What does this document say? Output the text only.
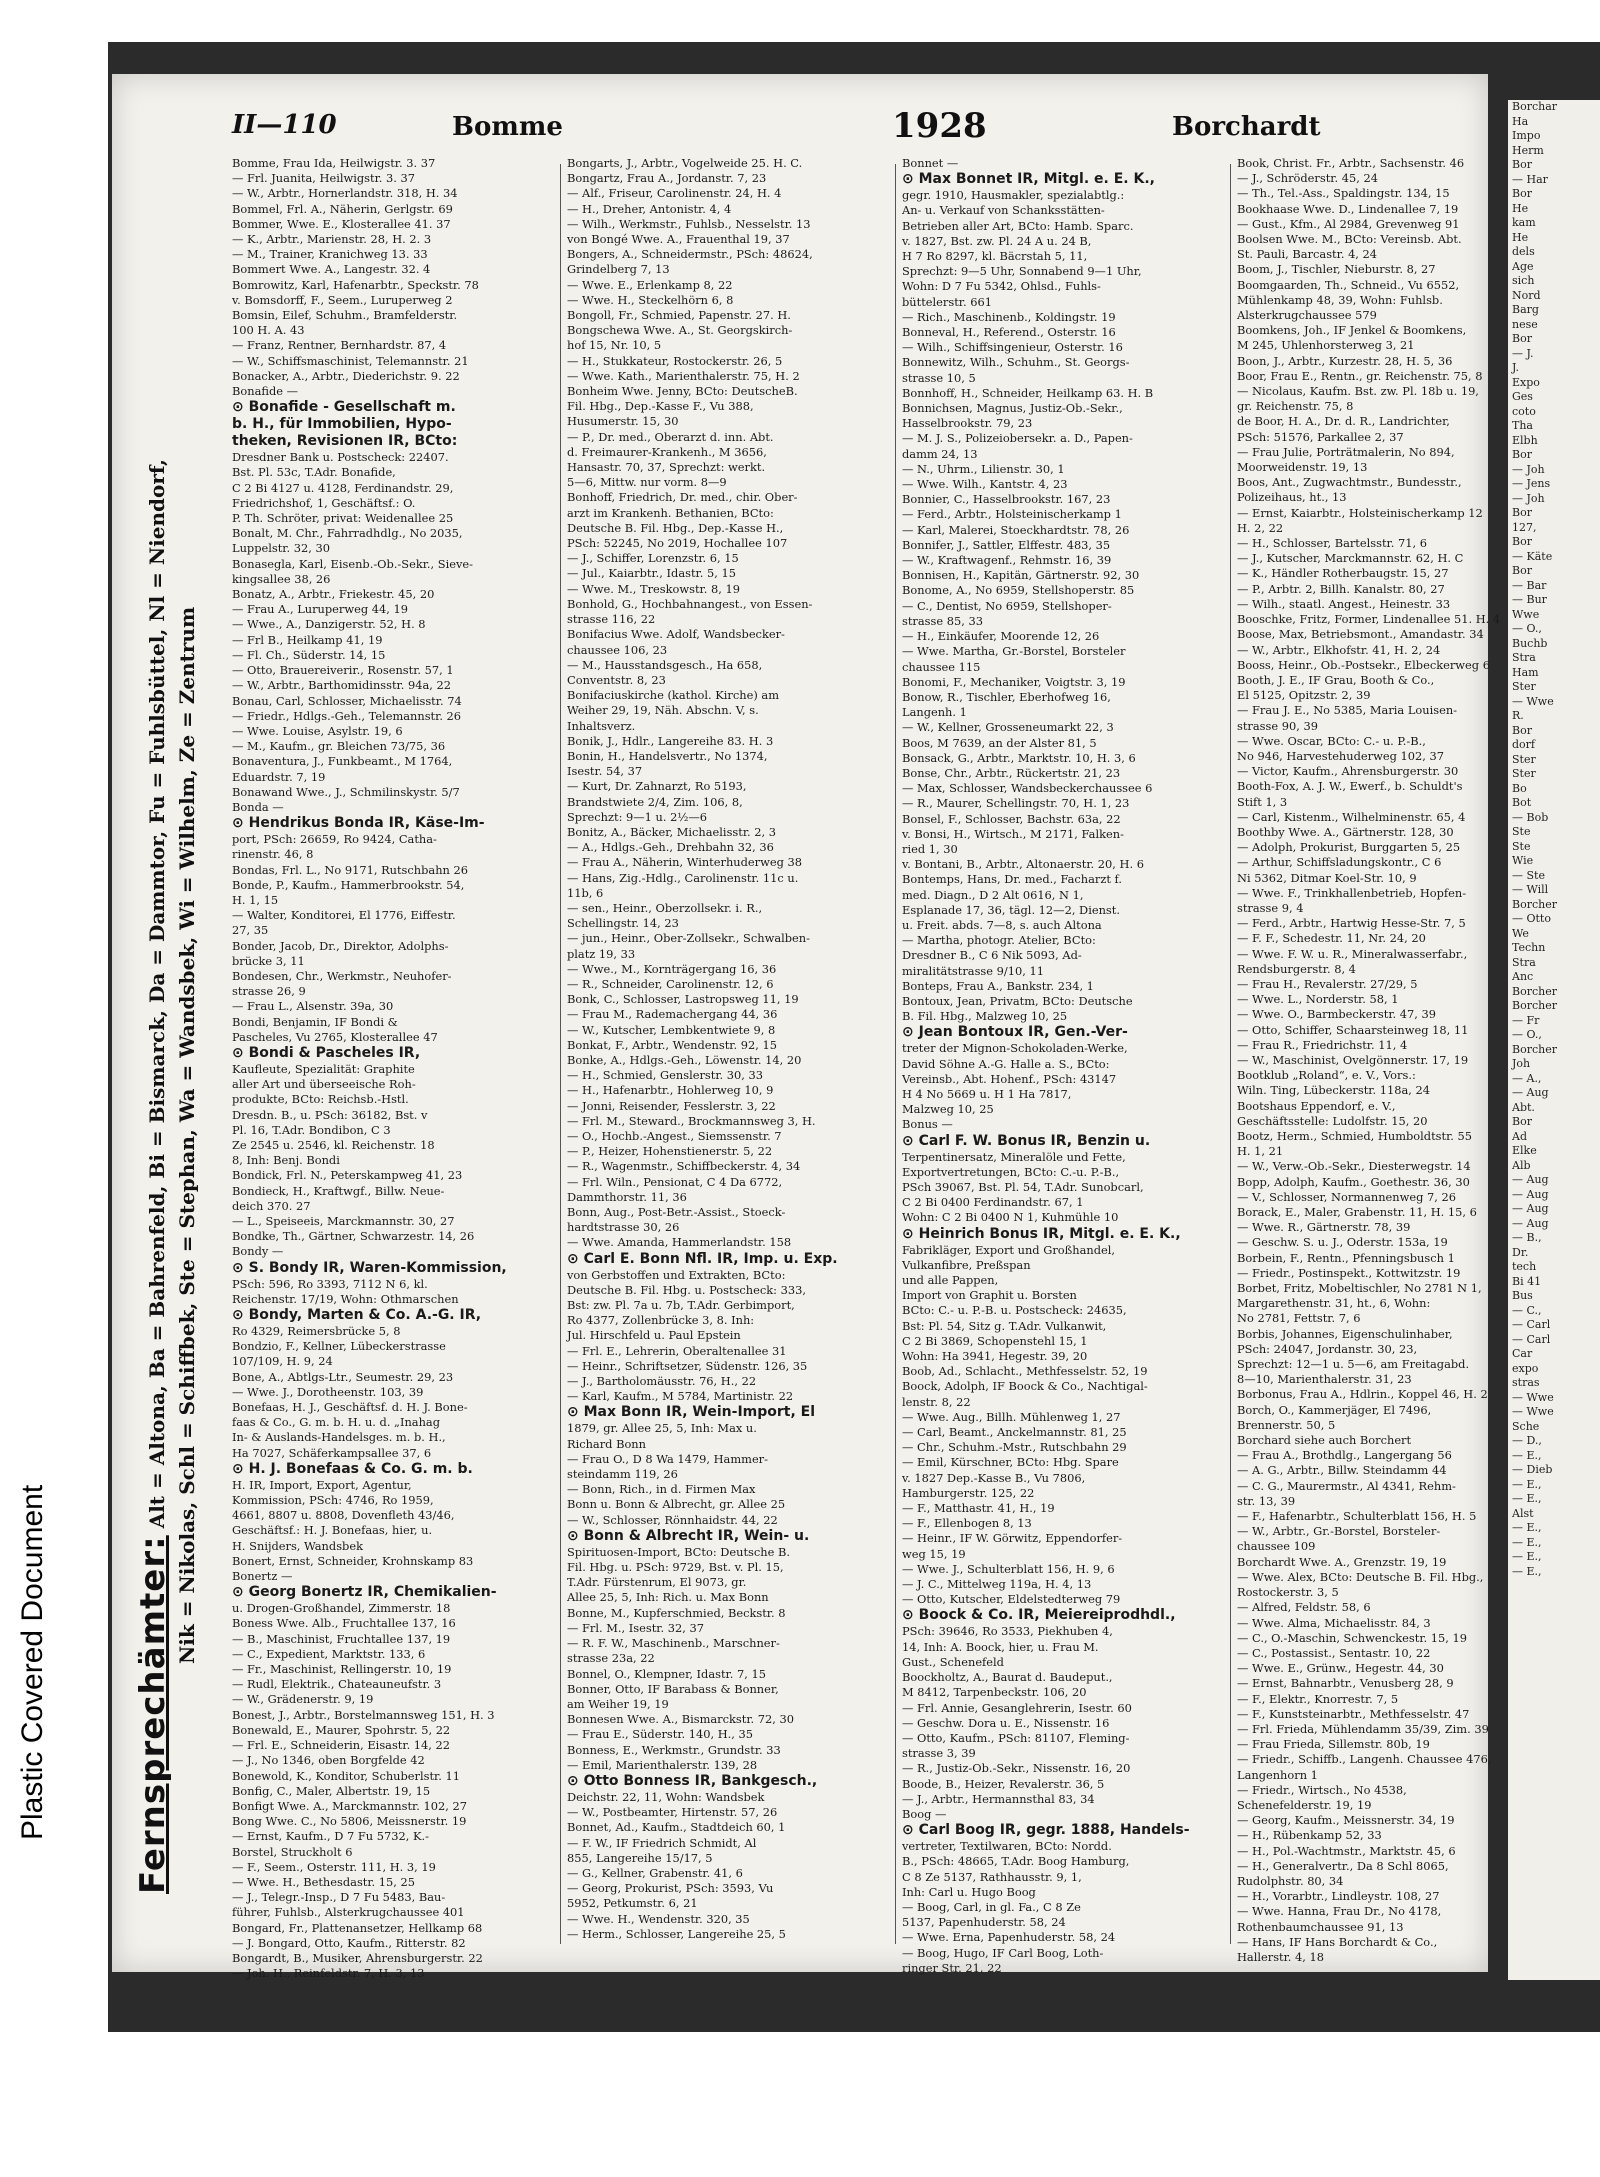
II—110	Bomme	1928	Borchardt
Fernsprechämter: Alt = Altona, Ba = Bahrenfeld, Bi = Bismarck, Da = Dammtor, Fu = Fuhlsbüttel, Nl = Niendorf, Nik = Nikolas, Schl = Schiffbek, Ste = Stephan, Wa = Wandsbek, Wi = Wilhelm, Ze = Zentrum
Bomme, Frau Ida, Heilwigstr. 3. 37
— Frl. Juanita, Heilwigstr. 3. 37
— W., Arbtr., Hornerlandstr. 318, H. 34
Bommel, Frl. A., Näherin, Gerlgstr. 69
Bommer, Wwe. E., Klosterallee 41. 37
— K., Arbtr., Marienstr. 28, H. 2. 3
— M., Trainer, Kranichweg 13. 33
Bommert Wwe. A., Langestr. 32. 4
Bomrowitz, Karl, Hafenarbtr., Speckstr. 78
v. Bomsdorff, F., Seem., Luruperweg 2
Bomsin, Eilef, Schuhm., Bramfelderstr.
100 H. A. 43
— Franz, Rentner, Bernhardstr. 87, 4
— W., Schiffsmaschinist, Telemannstr. 21
Bonacker, A., Arbtr., Diederichstr. 9. 22
Bonafide —
⊙ Bonafide - Gesellschaft m.
b. H., für Immobilien, Hypo-
theken, Revisionen IR, BCto:
Dresdner Bank u. Postscheck: 22407.
Bst. Pl. 53c, T.Adr. Bonafide,
C 2 Bi 4127 u. 4128, Ferdinandstr. 29,
Friedrichshof, 1, Geschäftsf.: O.
P. Th. Schröter, privat: Weidenallee 25
Bonalt, M. Chr., Fahrradhdlg., No 2035,
Luppelstr. 32, 30
Bonasegla, Karl, Eisenb.-Ob.-Sekr., Sieve-
kingsallee 38, 26
Bonatz, A., Arbtr., Friekestr. 45, 20
— Frau A., Luruperweg 44, 19
— Wwe., A., Danzigerstr. 52, H. 8
— Frl B., Heilkamp 41, 19
— Fl. Ch., Süderstr. 14, 15
— Otto, Brauereiverir., Rosenstr. 57, 1
— W., Arbtr., Barthomidinsstr. 94a, 22
Bonau, Carl, Schlosser, Michaelisstr. 74
— Friedr., Hdlgs.-Geh., Telemannstr. 26
— Wwe. Louise, Asylstr. 19, 6
— M., Kaufm., gr. Bleichen 73/75, 36
Bonaventura, J., Funkbeamt., M 1764,
Eduardstr. 7, 19
Bonawand Wwe., J., Schmilinskystr. 5/7
Bonda —
⊙ Hendrikus Bonda IR, Käse-Im-
port, PSch: 26659, Ro 9424, Catha-
rinenstr. 46, 8
Bondas, Frl. L., No 9171, Rutschbahn 26
Bonde, P., Kaufm., Hammerbrookstr. 54,
H. 1, 15
— Walter, Konditorei, El 1776, Eiffestr.
27, 35
Bonder, Jacob, Dr., Direktor, Adolphs-
brücke 3, 11
Bondesen, Chr., Werkmstr., Neuhofer-
strasse 26, 9
— Frau L., Alsenstr. 39a, 30
Bondi, Benjamin, IF Bondi &
Pascheles, Vu 2765, Klosterallee 47
⊙ Bondi & Pascheles IR,
Kaufleute, Spezialität: Graphite
aller Art und überseeische Roh-
produkte, BCto: Reichsb.-Hstl.
Dresdn. B., u. PSch: 36182, Bst. v
Pl. 16, T.Adr. Bondibon, C 3
Ze 2545 u. 2546, kl. Reichenstr. 18
8, Inh: Benj. Bondi
Bondick, Frl. N., Peterskampweg 41, 23
Bondieck, H., Kraftwgf., Billw. Neue-
deich 370. 27
— L., Speiseeis, Marckmannstr. 30, 27
Bondke, Th., Gärtner, Schwarzestr. 14, 26
Bondy —
⊙ S. Bondy IR, Waren-Kommission,
PSch: 596, Ro 3393, 7112 N 6, kl.
Reichenstr. 17/19, Wohn: Othmarschen
⊙ Bondy, Marten & Co. A.-G. IR,
Ro 4329, Reimersbrücke 5, 8
Bondzio, F., Kellner, Lübeckerstrasse
107/109, H. 9, 24
Bone, A., Abtlgs-Ltr., Seumestr. 29, 23
— Wwe. J., Dorotheenstr. 103, 39
Bonefaas, H. J., Geschäftsf. d. H. J. Bone-
faas & Co., G. m. b. H. u. d. „Inahag
In- & Auslands-Handelsges. m. b. H.,
Ha 7027, Schäferkampsallee 37, 6
⊙ H. J. Bonefaas & Co. G. m. b.
H. IR, Import, Export, Agentur,
Kommission, PSch: 4746, Ro 1959,
4661, 8807 u. 8808, Dovenfleth 43/46,
Geschäftsf.: H. J. Bonefaas, hier, u.
H. Snijders, Wandsbek
Bonert, Ernst, Schneider, Krohnskamp 83
Bonertz —
⊙ Georg Bonertz IR, Chemikalien-
u. Drogen-Großhandel, Zimmerstr. 18
Boness Wwe. Alb., Fruchtallee 137, 16
— B., Maschinist, Fruchtallee 137, 19
— C., Expedient, Marktstr. 133, 6
— Fr., Maschinist, Rellingerstr. 10, 19
— Rudl, Elektrik., Chateauneufstr. 3
— W., Grädenerstr. 9, 19
Bonest, J., Arbtr., Borstelmannsweg 151, H. 3
Bonewald, E., Maurer, Spohrstr. 5, 22
— Frl. E., Schneiderin, Eisastr. 14, 22
— J., No 1346, oben Borgfelde 42
Bonewold, K., Konditor, Schuberlstr. 11
Bonfig, C., Maler, Albertstr. 19, 15
Bonfigt Wwe. A., Marckmannstr. 102, 27
Bong Wwe. C., No 5806, Meissnerstr. 19
— Ernst, Kaufm., D 7 Fu 5732, K.-
Borstel, Struckholt 6
— F., Seem., Osterstr. 111, H. 3, 19
— Wwe. H., Bethesdastr. 15, 25
— J., Telegr.-Insp., D 7 Fu 5483, Bau-
führer, Fuhlsb., Alsterkrugchaussee 401
Bongard, Fr., Plattenansetzer, Hellkamp 68
— J. Bongard, Otto, Kaufm., Ritterstr. 82
Bongardt, B., Musiker, Ahrensburgerstr. 22
— Joh. H., Reinfeldstr. 7, H. 3, 13
Bongarts, J., Arbtr., Vogelweide 25. H. C.
Bongartz, Frau A., Jordanstr. 7, 23
— Alf., Friseur, Carolinenstr. 24, H. 4
— H., Dreher, Antonistr. 4, 4
— Wilh., Werkmstr., Fuhlsb., Nesselstr. 13
von Bongé Wwe. A., Frauenthal 19, 37
Bongers, A., Schneidermstr., PSch: 48624,
Grindelberg 7, 13
— Wwe. E., Erlenkamp 8, 22
— Wwe. H., Steckelhörn 6, 8
Bongoll, Fr., Schmied, Papenstr. 27. H.
Bongschewa Wwe. A., St. Georgskirch-
hof 15, Nr. 10, 5
— H., Stukkateur, Rostockerstr. 26, 5
— Wwe. Kath., Marienthalerstr. 75, H. 2
Bonheim Wwe. Jenny, BCto: DeutscheB.
Fil. Hbg., Dep.-Kasse F., Vu 388,
Husumerstr. 15, 30
— P., Dr. med., Oberarzt d. inn. Abt.
d. Freimaurer-Krankenh., M 3656,
Hansastr. 70, 37, Sprechzt: werkt.
5—6, Mittw. nur vorm. 8—9
Bonhoff, Friedrich, Dr. med., chir. Ober-
arzt im Krankenh. Bethanien, BCto:
Deutsche B. Fil. Hbg., Dep.-Kasse H.,
PSch: 52245, No 2019, Hochallee 107
— J., Schiffer, Lorenzstr. 6, 15
— Jul., Kaiarbtr., Idastr. 5, 15
— Wwe. M., Treskowstr. 8, 19
Bonhold, G., Hochbahnangest., von Essen-
strasse 116, 22
Bonifacius Wwe. Adolf, Wandsbecker-
chaussee 106, 23
— M., Hausstandsgesch., Ha 658,
Conventstr. 8, 23
Bonifaciuskirche (kathol. Kirche) am
Weiher 29, 19, Näh. Abschn. V, s.
Inhaltsverz.
Bonik, J., Hdlr., Langereihe 83. H. 3
Bonin, H., Handelsvertr., No 1374,
Isestr. 54, 37
— Kurt, Dr. Zahnarzt, Ro 5193,
Brandstwiete 2/4, Zim. 106, 8,
Sprechzt: 9—1 u. 2½—6
Bonitz, A., Bäcker, Michaelisstr. 2, 3
— A., Hdlgs.-Geh., Drehbahn 32, 36
— Frau A., Näherin, Winterhuderweg 38
— Hans, Zig.-Hdlg., Carolinenstr. 11c u.
11b, 6
— sen., Heinr., Oberzollsekr. i. R.,
Schellingstr. 14, 23
— jun., Heinr., Ober-Zollsekr., Schwalben-
platz 19, 33
— Wwe., M., Kornträgergang 16, 36
— R., Schneider, Carolinenstr. 12, 6
Bonk, C., Schlosser, Lastropsweg 11, 19
— Frau M., Rademachergang 44, 36
— W., Kutscher, Lembkentwiete 9, 8
Bonkat, F., Arbtr., Wendenstr. 92, 15
Bonke, A., Hdlgs.-Geh., Löwenstr. 14, 20
— H., Schmied, Genslerstr. 30, 33
— H., Hafenarbtr., Hohlerweg 10, 9
— Jonni, Reisender, Fesslerstr. 3, 22
— Frl. M., Steward., Brockmannsweg 3, H.
— O., Hochb.-Angest., Siemssenstr. 7
— P., Heizer, Hohenstienerstr. 5, 22
— R., Wagenmstr., Schiffbeckerstr. 4, 34
— Frl. Wiln., Pensionat, C 4 Da 6772,
Dammthorstr. 11, 36
Bonn, Aug., Post-Betr.-Assist., Stoeck-
hardtstrasse 30, 26
— Wwe. Amanda, Hammerlandstr. 158
⊙ Carl E. Bonn Nfl. IR, Imp. u. Exp.
von Gerbstoffen und Extrakten, BCto:
Deutsche B. Fil. Hbg. u. Postscheck: 333,
Bst: zw. Pl. 7a u. 7b, T.Adr. Gerbimport,
Ro 4377, Zollenbrücke 3, 8. Inh:
Jul. Hirschfeld u. Paul Epstein
— Frl. E., Lehrerin, Oberaltenallee 31
— Heinr., Schriftsetzer, Südenstr. 126, 35
— J., Bartholomäusstr. 76, H., 22
— Karl, Kaufm., M 5784, Martinistr. 22
⊙ Max Bonn IR, Wein-Import, El
1879, gr. Allee 25, 5, Inh: Max u.
Richard Bonn
— Frau O., D 8 Wa 1479, Hammer-
steindamm 119, 26
— Bonn, Rich., in d. Firmen Max
Bonn u. Bonn & Albrecht, gr. Allee 25
— W., Schlosser, Rönnhaidstr. 44, 22
⊙ Bonn & Albrecht IR, Wein- u.
Spirituosen-Import, BCto: Deutsche B.
Fil. Hbg. u. PSch: 9729, Bst. v. Pl. 15,
T.Adr. Fürstenrum, El 9073, gr.
Allee 25, 5, Inh: Rich. u. Max Bonn
Bonne, M., Kupferschmied, Beckstr. 8
— Frl. M., Isestr. 32, 37
— R. F. W., Maschinenb., Marschner-
strasse 23a, 22
Bonnel, O., Klempner, Idastr. 7, 15
Bonner, Otto, IF Barabass & Bonner,
am Weiher 19, 19
Bonnesen Wwe. A., Bismarckstr. 72, 30
— Frau E., Süderstr. 140, H., 35
Bonness, E., Werkmstr., Grundstr. 33
— Emil, Marienthalerstr. 139, 28
⊙ Otto Bonness IR, Bankgesch.,
Deichstr. 22, 11, Wohn: Wandsbek
— W., Postbeamter, Hirtenstr. 57, 26
Bonnet, Ad., Kaufm., Stadtdeich 60, 1
— F. W., IF Friedrich Schmidt, Al
855, Langereihe 15/17, 5
— G., Kellner, Grabenstr. 41, 6
— Georg, Prokurist, PSch: 3593, Vu
5952, Petkumstr. 6, 21
— Wwe. H., Wendenstr. 320, 35
— Herm., Schlosser, Langereihe 25, 5
Bonnet —
⊙ Max Bonnet IR, Mitgl. e. E. K.,
gegr. 1910, Hausmakler, spezialabtlg.:
An- u. Verkauf von Schanksstätten-
Betrieben aller Art, BCto: Hamb. Sparc.
v. 1827, Bst. zw. Pl. 24 A u. 24 B,
H 7 Ro 8297, kl. Bäcrstah 5, 11,
Sprechzt: 9—5 Uhr, Sonnabend 9—1 Uhr,
Wohn: D 7 Fu 5342, Ohlsd., Fuhls-
büttelerstr. 661
— Rich., Maschinenb., Koldingstr. 19
Bonneval, H., Referend., Osterstr. 16
— Wilh., Schiffsingenieur, Osterstr. 16
Bonnewitz, Wilh., Schuhm., St. Georgs-
strasse 10, 5
Bonnhoff, H., Schneider, Heilkamp 63. H. B
Bonnichsen, Magnus, Justiz-Ob.-Sekr.,
Hasselbrookstr. 79, 23
— M. J. S., Polizeiobersekr. a. D., Papen-
damm 24, 13
— N., Uhrm., Lilienstr. 30, 1
— Wwe. Wilh., Kantstr. 4, 23
Bonnier, C., Hasselbrookstr. 167, 23
— Ferd., Arbtr., Holsteinischerkamp 1
— Karl, Malerei, Stoeckhardtstr. 78, 26
Bonnifer, J., Sattler, Elffestr. 483, 35
— W., Kraftwagenf., Rehmstr. 16, 39
Bonnisen, H., Kapitän, Gärtnerstr. 92, 30
Bonome, A., No 6959, Stellshoperstr. 85
— C., Dentist, No 6959, Stellshoper-
strasse 85, 33
— H., Einkäufer, Moorende 12, 26
— Wwe. Martha, Gr.-Borstel, Borsteler
chaussee 115
Bonomi, F., Mechaniker, Voigtstr. 3, 19
Bonow, R., Tischler, Eberhofweg 16,
Langenh. 1
— W., Kellner, Grosseneumarkt 22, 3
Boos, M 7639, an der Alster 81, 5
Bonsack, G., Arbtr., Marktstr. 10, H. 3, 6
Bonse, Chr., Arbtr., Rückertstr. 21, 23
— Max, Schlosser, Wandsbeckerchaussee 6
— R., Maurer, Schellingstr. 70, H. 1, 23
Bonsel, F., Schlosser, Bachstr. 63a, 22
v. Bonsi, H., Wirtsch., M 2171, Falken-
ried 1, 30
v. Bontani, B., Arbtr., Altonaerstr. 20, H. 6
Bontemps, Hans, Dr. med., Facharzt f.
med. Diagn., D 2 Alt 0616, N 1,
Esplanade 17, 36, tägl. 12—2, Dienst.
u. Freit. abds. 7—8, s. auch Altona
— Martha, photogr. Atelier, BCto:
Dresdner B., C 6 Nik 5093, Ad-
miralitätstrasse 9/10, 11
Bonteps, Frau A., Bankstr. 234, 1
Bontoux, Jean, Privatm, BCto: Deutsche
B. Fil. Hbg., Malzweg 10, 25
⊙ Jean Bontoux IR, Gen.-Ver-
treter der Mignon-Schokoladen-Werke,
David Söhne A.-G. Halle a. S., BCto:
Vereinsb., Abt. Hohenf., PSch: 43147
H 4 No 5669 u. H 1 Ha 7817,
Malzweg 10, 25
Bonus —
⊙ Carl F. W. Bonus IR, Benzin u.
Terpentinersatz, Mineralöle und Fette,
Exportvertretungen, BCto: C.-u. P.-B.,
PSch 39067, Bst. Pl. 54, T.Adr. Sunobcarl,
C 2 Bi 0400 Ferdinandstr. 67, 1
Wohn: C 2 Bi 0400 N 1, Kuhmühle 10
⊙ Heinrich Bonus IR, Mitgl. e. E. K.,
Fabrikläger, Export und Großhandel,
Vulkanfibre, Preßspan
und alle Pappen,
Import von Graphit u. Borsten
BCto: C.- u. P.-B. u. Postscheck: 24635,
Bst: Pl. 54, Sitz g. T.Adr. Vulkanwit,
C 2 Bi 3869, Schopenstehl 15, 1
Wohn: Ha 3941, Hegestr. 39, 20
Boob, Ad., Schlacht., Methfesselstr. 52, 19
Boock, Adolph, IF Boock & Co., Nachtigal-
lenstr. 8, 22
— Wwe. Aug., Billh. Mühlenweg 1, 27
— Carl, Beamt., Anckelmannstr. 81, 25
— Chr., Schuhm.-Mstr., Rutschbahn 29
— Emil, Kürschner, BCto: Hbg. Spare
v. 1827 Dep.-Kasse B., Vu 7806,
Hamburgerstr. 125, 22
— F., Matthastr. 41, H., 19
— F., Ellenbogen 8, 13
— Heinr., IF W. Görwitz, Eppendorfer-
weg 15, 19
— Wwe. J., Schulterblatt 156, H. 9, 6
— J. C., Mittelweg 119a, H. 4, 13
— Otto, Kutscher, Eldelstedterweg 79
⊙ Boock & Co. IR, Meiereiprodhdl.,
PSch: 39646, Ro 3533, Piekhuben 4,
14, Inh: A. Boock, hier, u. Frau M.
Gust., Schenefeld
Boockholtz, A., Baurat d. Baudeput.,
M 8412, Tarpenbeckstr. 106, 20
— Frl. Annie, Gesanglehrerin, Isestr. 60
— Geschw. Dora u. E., Nissenstr. 16
— Otto, Kaufm., PSch: 81107, Fleming-
strasse 3, 39
— R., Justiz-Ob.-Sekr., Nissenstr. 16, 20
Boode, B., Heizer, Revalerstr. 36, 5
— J., Arbtr., Hermannsthal 83, 34
Boog —
⊙ Carl Boog IR, gegr. 1888, Handels-
vertreter, Textilwaren, BCto: Nordd.
B., PSch: 48665, T.Adr. Boog Hamburg,
C 8 Ze 5137, Rathhausstr. 9, 1,
Inh: Carl u. Hugo Boog
— Boog, Carl, in gl. Fa., C 8 Ze
5137, Papenhuderstr. 58, 24
— Wwe. Erna, Papenhuderstr. 58, 24
— Boog, Hugo, IF Carl Boog, Loth-
ringer Str. 21, 22
Book, Christ. Fr., Arbtr., Sachsenstr. 46
— J., Schröderstr. 45, 24
— Th., Tel.-Ass., Spaldingstr. 134, 15
Bookhaase Wwe. D., Lindenallee 7, 19
— Gust., Kfm., Al 2984, Grevenweg 91
Boolsen Wwe. M., BCto: Vereinsb. Abt.
St. Pauli, Barcastr. 4, 24
Boom, J., Tischler, Nieburstr. 8, 27
Boomgaarden, Th., Schneid., Vu 6552,
Mühlenkamp 48, 39, Wohn: Fuhlsb.
Alsterkrugchaussee 579
Boomkens, Joh., IF Jenkel & Boomkens,
M 245, Uhlenhorsterweg 3, 21
Boon, J., Arbtr., Kurzestr. 28, H. 5, 36
Boor, Frau E., Rentn., gr. Reichenstr. 75, 8
— Nicolaus, Kaufm. Bst. zw. Pl. 18b u. 19,
gr. Reichenstr. 75, 8
de Boor, H. A., Dr. d. R., Landrichter,
PSch: 51576, Parkallee 2, 37
— Frau Julie, Porträtmalerin, No 894,
Moorweidenstr. 19, 13
Boos, Ant., Zugwachtmstr., Bundesstr.,
Polizeihaus, ht., 13
— Ernst, Kaiarbtr., Holsteinischerkamp 12
H. 2, 22
— H., Schlosser, Bartelsstr. 71, 6
— J., Kutscher, Marckmannstr. 62, H. C
— K., Händler Rotherbaugstr. 15, 27
— P., Arbtr. 2, Billh. Kanalstr. 80, 27
— Wilh., staatl. Angest., Heinestr. 33
Booschke, Fritz, Former, Lindenallee 51. H. 4
Boose, Max, Betriebsmont., Amandastr. 34
— W., Arbtr., Elkhofstr. 41, H. 2, 24
Booss, Heinr., Ob.-Postsekr., Elbeckerweg 6
Booth, J. E., IF Grau, Booth & Co.,
El 5125, Opitzstr. 2, 39
— Frau J. E., No 5385, Maria Louisen-
strasse 90, 39
— Wwe. Oscar, BCto: C.- u. P.-B.,
No 946, Harvestehuderweg 102, 37
— Victor, Kaufm., Ahrensburgerstr. 30
Booth-Fox, A. J. W., Ewerf., b. Schuldt's
Stift 1, 3
— Carl, Kistenm., Wilhelminenstr. 65, 4
Boothby Wwe. A., Gärtnerstr. 128, 30
— Adolph, Prokurist, Burggarten 5, 25
— Arthur, Schiffsladungskontr., C 6
Ni 5362, Ditmar Koel-Str. 10, 9
— Wwe. F., Trinkhallenbetrieb, Hopfen-
strasse 9, 4
— Ferd., Arbtr., Hartwig Hesse-Str. 7, 5
— F. F., Schedestr. 11, Nr. 24, 20
— Wwe. F. W. u. R., Mineralwasserfabr.,
Rendsburgerstr. 8, 4
— Frau H., Revalerstr. 27/29, 5
— Wwe. L., Norderstr. 58, 1
— Wwe. O., Barmbeckerstr. 47, 39
— Otto, Schiffer, Schaarsteinweg 18, 11
— Frau R., Friedrichstr. 11, 4
— W., Maschinist, Ovelgönnerstr. 17, 19
Bootklub „Roland“, e. V., Vors.:
Wiln. Ting, Lübeckerstr. 118a, 24
Bootshaus Eppendorf, e. V.,
Geschäftsstelle: Ludolfstr. 15, 20
Bootz, Herm., Schmied, Humboldtstr. 55
H. 1, 21
— W., Verw.-Ob.-Sekr., Diesterwegstr. 14
Bopp, Adolph, Kaufm., Goethestr. 36, 30
— V., Schlosser, Normannenweg 7, 26
Borack, E., Maler, Grabenstr. 11, H. 15, 6
— Wwe. R., Gärtnerstr. 78, 39
— Geschw. S. u. J., Oderstr. 153a, 19
Borbein, F., Rentn., Pfenningsbusch 1
— Friedr., Postinspekt., Kottwitzstr. 19
Borbet, Fritz, Mobeltischler, No 2781 N 1,
Margarethenstr. 31, ht., 6, Wohn:
No 2781, Fettstr. 7, 6
Borbis, Johannes, Eigenschulinhaber,
PSch: 24047, Jordanstr. 30, 23,
Sprechzt: 12—1 u. 5—6, am Freitagabd.
8—10, Marienthalerstr. 31, 23
Borbonus, Frau A., Hdlrin., Koppel 46, H. 2
Borch, O., Kammerjäger, El 7496,
Brennerstr. 50, 5
Borchard siehe auch Borchert
— Frau A., Brothdlg., Langergang 56
— A. G., Arbtr., Billw. Steindamm 44
— C. G., Maurermstr., Al 4341, Rehm-
str. 13, 39
— F., Hafenarbtr., Schulterblatt 156, H. 5
— W., Arbtr., Gr.-Borstel, Borsteler-
chaussee 109
Borchardt Wwe. A., Grenzstr. 19, 19
— Wwe. Alex, BCto: Deutsche B. Fil. Hbg.,
Rostockerstr. 3, 5
— Alfred, Feldstr. 58, 6
— Wwe. Alma, Michaelisstr. 84, 3
— C., O.-Maschin, Schwenckestr. 15, 19
— C., Postassist., Sentastr. 10, 22
— Wwe. E., Grünw., Hegestr. 44, 30
— Ernst, Bahnarbtr., Venusberg 28, 9
— F., Elektr., Knorrestr. 7, 5
— F., Kunststeinarbtr., Methfesselstr. 47
— Frl. Frieda, Mühlendamm 35/39, Zim. 39
— Frau Frieda, Sillemstr. 80b, 19
— Friedr., Schiffb., Langenh. Chaussee 476,
Langenhorn 1
— Friedr., Wirtsch., No 4538,
Schenefelderstr. 19, 19
— Georg, Kaufm., Meissnerstr. 34, 19
— H., Rübenkamp 52, 33
— H., Pol.-Wachtmstr., Marktstr. 45, 6
— H., Generalvertr., Da 8 Schl 8065,
Rudolphstr. 80, 34
— H., Vorarbtr., Lindleystr. 108, 27
— Wwe. Hanna, Frau Dr., No 4178,
Rothenbaumchaussee 91, 13
— Hans, IF Hans Borchardt & Co.,
Hallerstr. 4, 18
Borchar
Ha
Impo
Herm
Bor
— Har
Bor
He
kam
He
dels
Age
sich
Nord
Barg
nese
Bor
— J.
J.
Expo
Ges
coto
Tha
Elbh
Bor
— Joh
— Jens
— Joh
Bor
127,
Bor
— Käte
Bor
— Bar
— Bur
Wwe
— O.,
Buchb
Stra
Ham
Ster
— Wwe
R.
Bor
dorf
Ster
Ster
Bo
Bot
— Bob
Ste
Ste
Wie
— Ste
— Will
Borcher
— Otto
We
Techn
Stra
Anc
Borcher
Borcher
— Fr
— O.,
Borcher
Joh
— A.,
— Aug
Abt.
Bor
Ad
Elke
Alb
— Aug
— Aug
— Aug
— Aug
— B.,
Dr.
tech
Bi 41
Bus
— C.,
— Carl
— Carl
Car
expo
stras
— Wwe
— Wwe
Sche
— D.,
— E.,
— Dieb
— E.,
— E.,
Alst
— E.,
— E.,
— E.,
— E.,
Plastic Covered Document
